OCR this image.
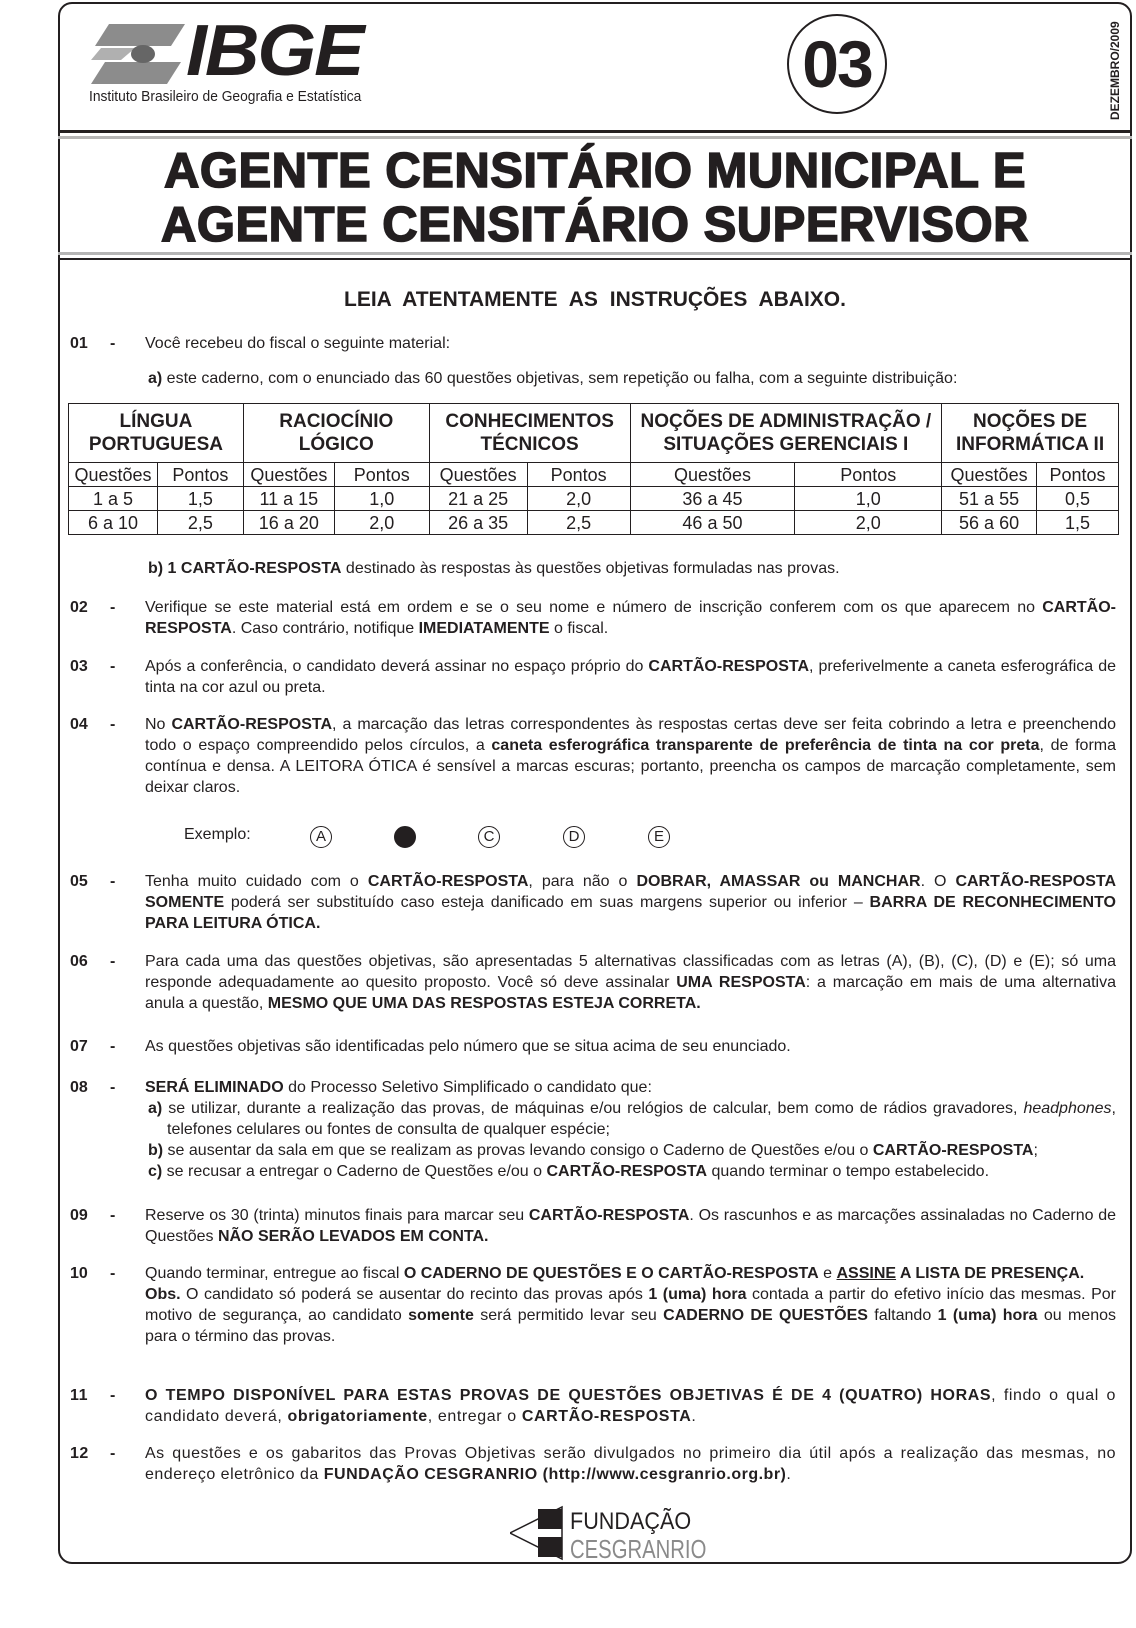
IBGE
Instituto Brasileiro de Geografia e Estatística	03	DEZEMBRO/2009
AGENTE CENSITÁRIO MUNICIPAL E
AGENTE CENSITÁRIO SUPERVISOR
LEIA ATENTAMENTE AS INSTRUÇÕES ABAIXO.
01 - Você recebeu do fiscal o seguinte material:
a) este caderno, com o enunciado das 60 questões objetivas, sem repetição ou falha, com a seguinte distribuição:
LÍNGUA PORTUGUESA		RACIOCÍNIO LÓGICO		CONHECIMENTOS TÉCNICOS		NOÇÕES DE ADMINISTRAÇÃO / SITUAÇÕES GERENCIAIS I		NOÇÕES DE INFORMÁTICA II	
Questões	Pontos	Questões	Pontos	Questões	Pontos	Questões	Pontos	Questões	Pontos
1 a 5	1,5	11 a 15	1,0	21 a 25	2,0	36 a 45	1,0	51 a 55	0,5
6 a 10	2,5	16 a 20	2,0	26 a 35	2,5	46 a 50	2,0	56 a 60	1,5
b) 1 CARTÃO-RESPOSTA destinado às respostas às questões objetivas formuladas nas provas.
02 - Verifique se este material está em ordem e se o seu nome e número de inscrição conferem com os que aparecem no CARTÃO-RESPOSTA. Caso contrário, notifique IMEDIATAMENTE o fiscal.
03 - Após a conferência, o candidato deverá assinar no espaço próprio do CARTÃO-RESPOSTA, preferivelmente a caneta esferográfica de tinta na cor azul ou preta.
04 - No CARTÃO-RESPOSTA, a marcação das letras correspondentes às respostas certas deve ser feita cobrindo a letra e preenchendo todo o espaço compreendido pelos círculos, a caneta esferográfica transparente de preferência de tinta na cor preta, de forma contínua e densa. A LEITORA ÓTICA é sensível a marcas escuras; portanto, preencha os campos de marcação completamente, sem deixar claros.
Exemplo:	A	C	D	E
05 - Tenha muito cuidado com o CARTÃO-RESPOSTA, para não o DOBRAR, AMASSAR ou MANCHAR. O CARTÃO-RESPOSTA SOMENTE poderá ser substituído caso esteja danificado em suas margens superior ou inferior – BARRA DE RECONHECIMENTO PARA LEITURA ÓTICA.
06 - Para cada uma das questões objetivas, são apresentadas 5 alternativas classificadas com as letras (A), (B), (C), (D) e (E); só uma responde adequadamente ao quesito proposto. Você só deve assinalar UMA RESPOSTA: a marcação em mais de uma alternativa anula a questão, MESMO QUE UMA DAS RESPOSTAS ESTEJA CORRETA.
07 - As questões objetivas são identificadas pelo número que se situa acima de seu enunciado.
08 - SERÁ ELIMINADO do Processo Seletivo Simplificado o candidato que:
a) se utilizar, durante a realização das provas, de máquinas e/ou relógios de calcular, bem como de rádios gravadores, headphones, telefones celulares ou fontes de consulta de qualquer espécie;
b) se ausentar da sala em que se realizam as provas levando consigo o Caderno de Questões e/ou o CARTÃO-RESPOSTA;
c) se recusar a entregar o Caderno de Questões e/ou o CARTÃO-RESPOSTA quando terminar o tempo estabelecido.
09 - Reserve os 30 (trinta) minutos finais para marcar seu CARTÃO-RESPOSTA. Os rascunhos e as marcações assinaladas no Caderno de Questões NÃO SERÃO LEVADOS EM CONTA.
10 - Quando terminar, entregue ao fiscal O CADERNO DE QUESTÕES E O CARTÃO-RESPOSTA e ASSINE A LISTA DE PRESENÇA.
Obs. O candidato só poderá se ausentar do recinto das provas após 1 (uma) hora contada a partir do efetivo início das mesmas. Por motivo de segurança, ao candidato somente será permitido levar seu CADERNO DE QUESTÕES faltando 1 (uma) hora ou menos para o término das provas.
11 - O TEMPO DISPONÍVEL PARA ESTAS PROVAS DE QUESTÕES OBJETIVAS É DE 4 (QUATRO) HORAS, findo o qual o candidato deverá, obrigatoriamente, entregar o CARTÃO-RESPOSTA.
12 - As questões e os gabaritos das Provas Objetivas serão divulgados no primeiro dia útil após a realização das mesmas, no endereço eletrônico da FUNDAÇÃO CESGRANRIO (http://www.cesgranrio.org.br).
FUNDAÇÃO
CESGRANRIO
